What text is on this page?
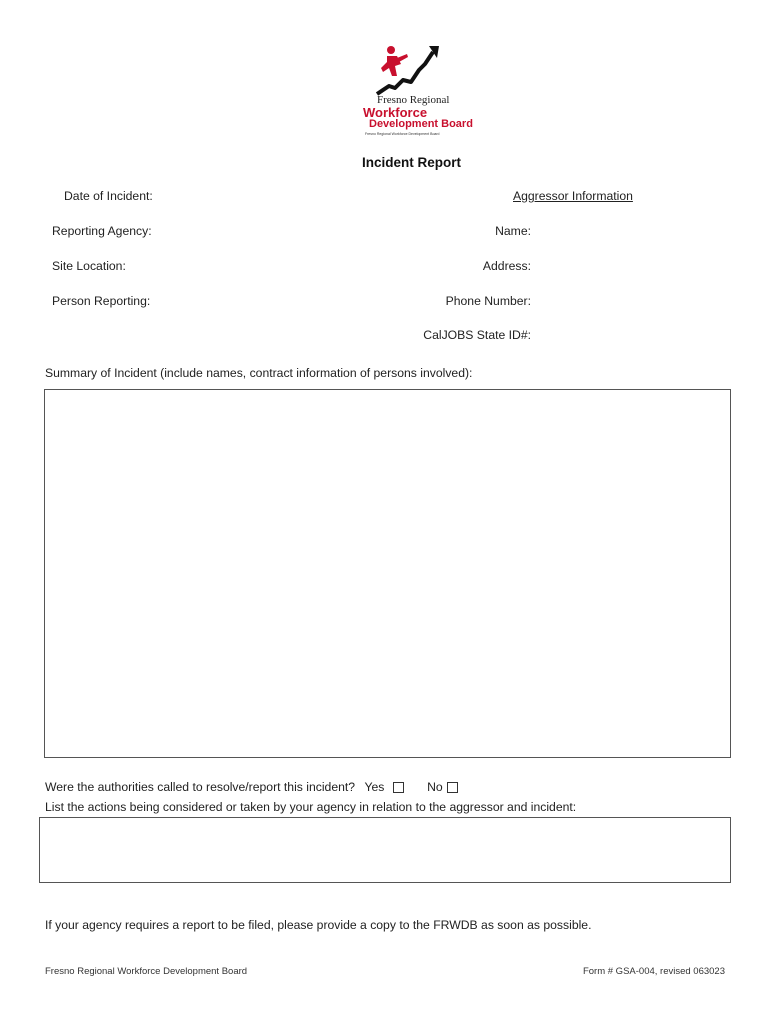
Fresno Regional
Workforce
Development Board
Fresno Regional Workforce Development Board
Incident Report
Date of Incident:
Reporting Agency:
Site Location:
Person Reporting:
Aggressor Information
Name:
Address:
Phone Number:
CalJOBS State ID#:
Summary of Incident (include names, contract information of persons involved):
Were the authorities called to resolve/report this incident? Yes	No
List the actions being considered or taken by your agency in relation to the aggressor and incident:
If your agency requires a report to be filed, please provide a copy to the FRWDB as soon as possible.
Fresno Regional Workforce Development Board	Form # GSA-004, revised 063023
